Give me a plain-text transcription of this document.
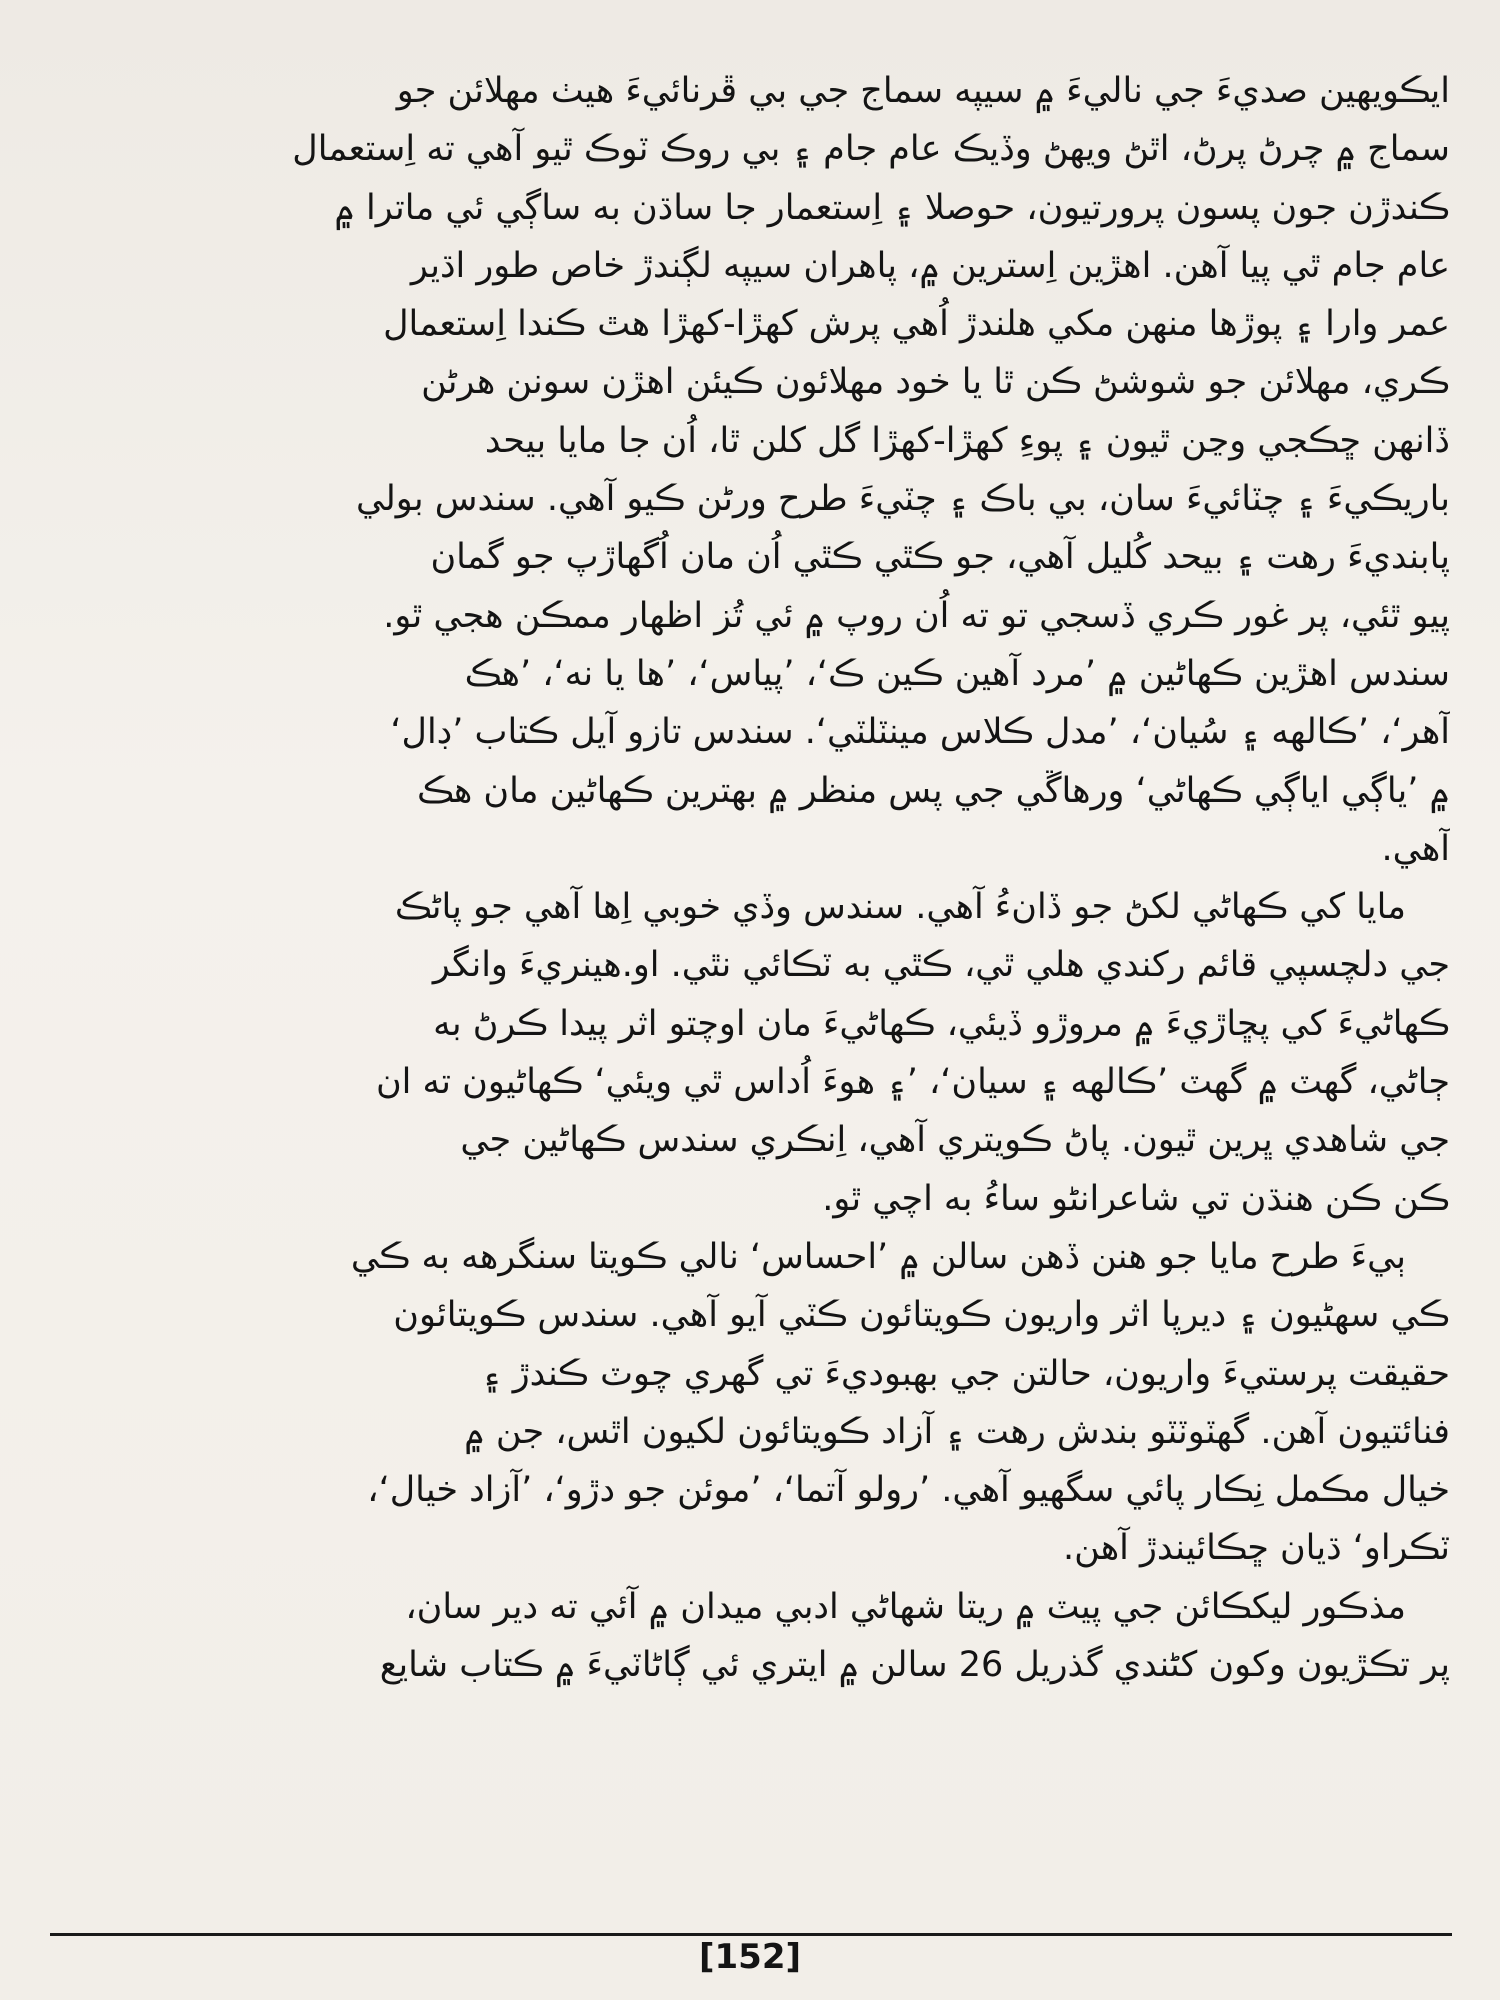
ايڪويهين صديءَ جي ناليءَ ۾ سيپه سماج جي بي ڦرنائيءَ هيٺ مهلائن جو
سماج ۾ چرڻ پرڻ، اٿڻ ويهڻ وڏيڪ عام جام ۽ بي روڪ ٽوڪ ٿيو آهي ته اِستعمال
ڪندڙن جون پسون پرورتيون، حوصلا ۽ اِستعمار جا ساڌن به ساڳي ئي ماترا ۾
عام جام ٿي پيا آهن. اهڙين اِسترين ۾، پاهران سيپه لڳندڙ خاص طور اڌير
عمر وارا ۽ پوڙها منهن مکي هلندڙ اُهي پرش کهڙا-کهڙا هٿ ڪندا اِستعمال
ڪري، مهلائن جو شوشڻ ڪن ٿا يا خود مهلائون ڪيئن اهڙن سونن هرڻن
ڏانهن ڇڪجي وڃن ٿيون ۽ پوءِ کهڙا-کهڙا گل کلن ٿا، اُن جا مايا بيحد
باريڪيءَ ۽ چٽائيءَ سان، بي باڪ ۽ چٽيءَ طرح ورڻن ڪيو آهي. سندس بولي
پابنديءَ رهت ۽ بيحد کُليل آهي، جو ڪٿي ڪٿي اُن مان اُگهاڙپ جو گمان
پيو ٿئي، پر غور ڪري ڏسجي تو ته اُن روپ ۾ ئي تُز اظهار ممڪن هجي ٿو.
سندس اهڙين ڪهاڻين ۾ ’مرد آهين ڪين ڪ‘، ’پياس‘، ’ها يا نه‘، ’هڪ
آهر‘، ’ڪالهه ۽ سُيان‘، ’مدل ڪلاس مينٽلٽي‘. سندس تازو آيل ڪتاب ’ڊال‘
۾ ’ياڳي اياڳي ڪهاڻي‘ ورهاڱي جي پس منظر ۾ بهترين ڪهاڻين مان هڪ
آهي.
مايا کي ڪهاڻي لکڻ جو ڏانءُ آهي. سندس وڏي خوبي اِها آهي جو پاڻڪ
جي دلچسپي قائم رکندي هلي ٿي، ڪٿي به ٽڪائي نٿي. او.هينريءَ وانگر
ڪهاڻيءَ کي پڇاڙيءَ ۾ مروڙو ڏيئي، ڪهاڻيءَ مان اوچتو اثر پيدا ڪرڻ به
ڄاڻي، گهٽ ۾ گهٽ ’ڪالهه ۽ سيان‘، ’۽ هوءَ اُداس ٿي ويئي‘ ڪهاڻيون ته ان
جي شاهدي ڀرين ٿيون. پاڻ ڪويتري آهي، اِنڪري سندس ڪهاڻين جي
ڪن ڪن هنڌن تي شاعرانڻو ساءُ به اچي ٿو.
ٻيءَ طرح مايا جو هنن ڏهن سالن ۾ ’احساس‘ نالي ڪويتا سنگرهه به ڪي
ڪي سهڻيون ۽ ديرپا اثر واريون ڪويتائون ڪٽي آيو آهي. سندس ڪويتائون
حقيقت پرستيءَ واريون، حالتن جي بهبوديءَ تي گهري چوٽ ڪندڙ ۽
فنائتيون آهن. گهٽوٽٽو بندش رهت ۽ آزاد ڪويتائون لکيون اٿس، جن ۾
خيال مڪمل نِڪار پائي سگهيو آهي. ’رولو آتما‘، ’موئن جو دڙو‘، ’آزاد خيال‘،
ٽڪراو‘ ڌيان ڇڪائيندڙ آهن.
مذڪور ليکڪائن جي پيٽ ۾ ريتا شهاڻي ادبي ميدان ۾ آئي ته دير سان،
پر تڪڙيون وکون کڻندي گذريل 26 سالن ۾ ايتري ئي ڳاڻاٽيءَ ۾ ڪتاب شايع
[152]
